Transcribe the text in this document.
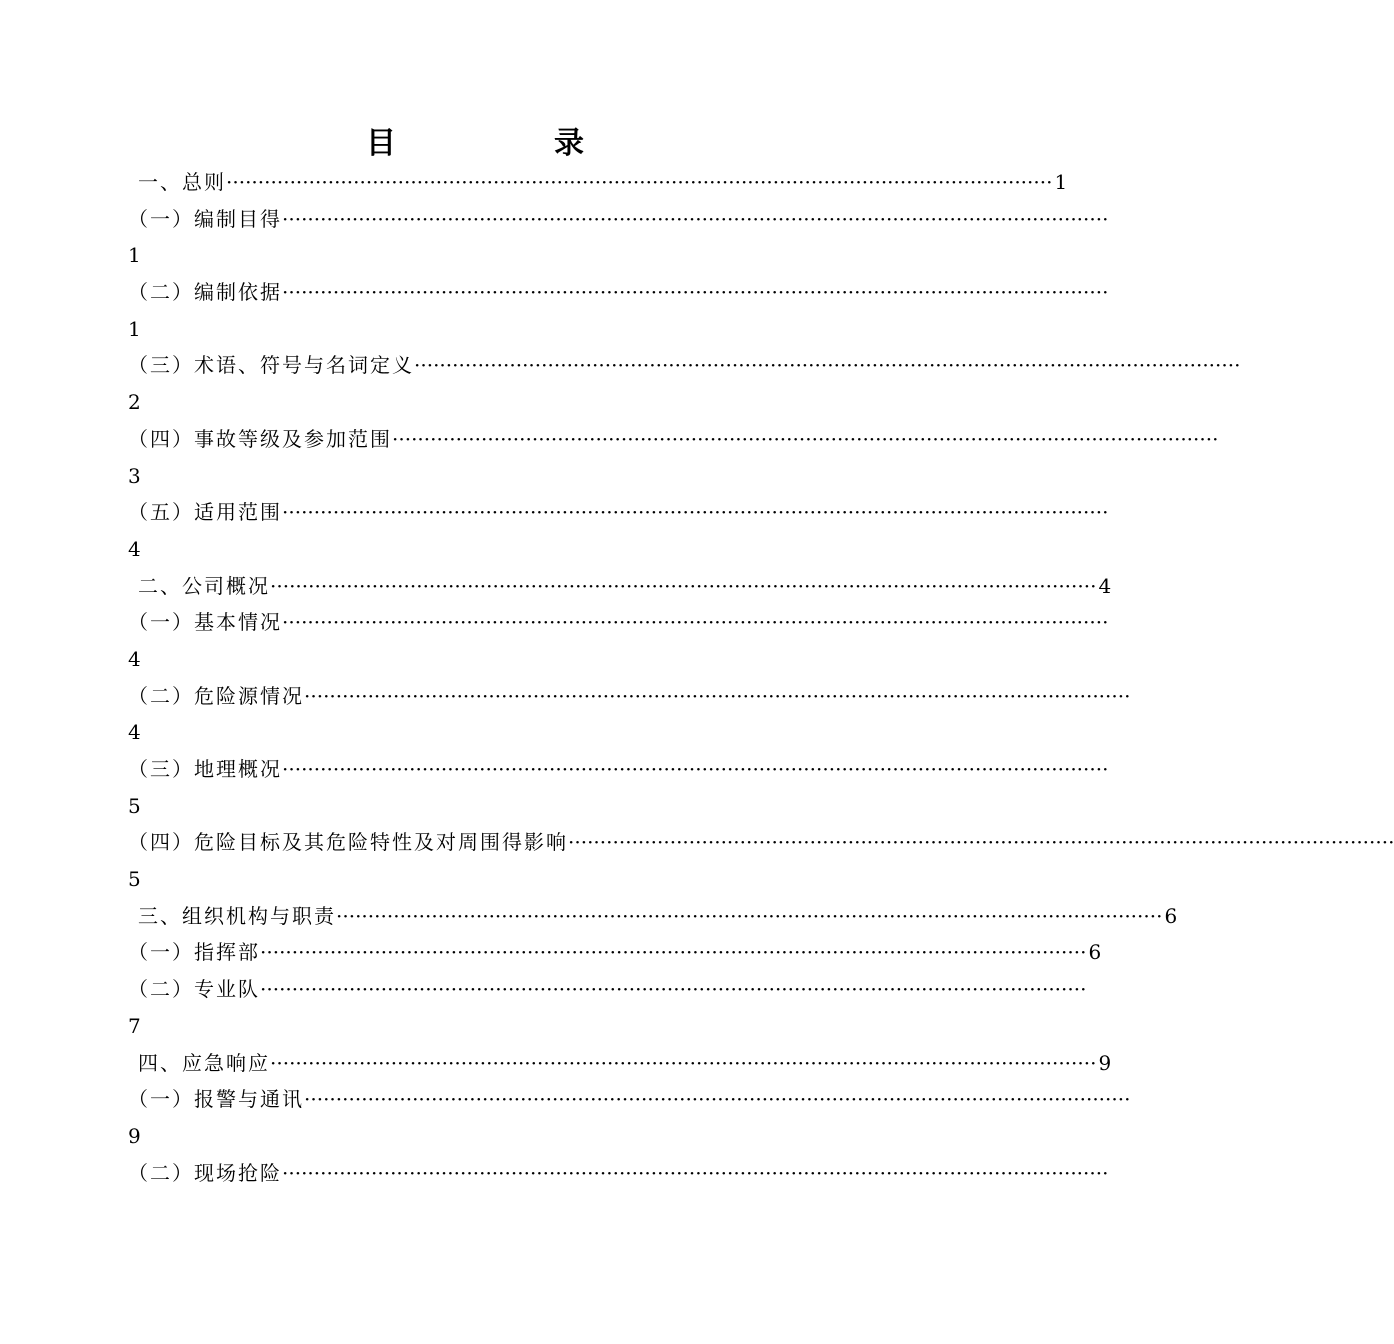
目　录
一、总则 ·································································································································· 1
（一）编制目得 ··································································································································
1
（二）编制依据 ··································································································································
1
（三）术语、符号与名词定义 ··································································································································
2
（四）事故等级及参加范围 ··································································································································
3
（五）适用范围 ··································································································································
4
二、公司概况 ·································································································································· 4
（一）基本情况 ··································································································································
4
（二）危险源情况 ··································································································································
4
（三）地理概况 ··································································································································
5
（四）危险目标及其危险特性及对周围得影响 ··································································································································
5
三、组织机构与职责 ·································································································································· 6
（一）指挥部 ·································································································································· 6
（二）专业队 ··································································································································
7
四、应急响应 ·································································································································· 9
（一）报警与通讯 ··································································································································
9
（二）现场抢险 ··································································································································
